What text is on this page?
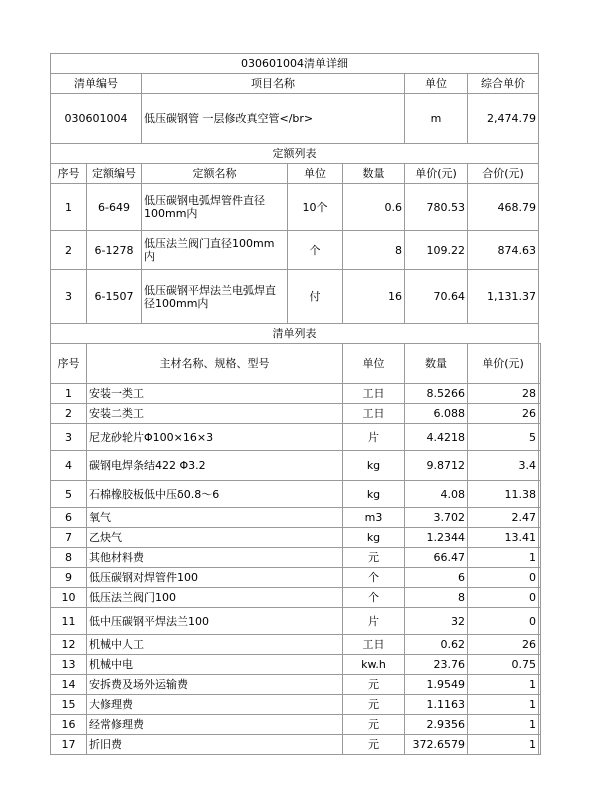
030601004清单详细							
清单编号		项目名称			单位	综合单价	
030601004		低压碳钢管 一层修改真空管</br>			m	2,474.79	
定额列表							
序号	定额编号	定额名称	单位	数量	单价(元)	合价(元)	
1	6-649	低压碳钢电弧焊管件直径100mm内	10个	0.6	780.53	468.79	
2	6-1278	低压法兰阀门直径100mm内	个	8	109.22	874.63	
3	6-1507	低压碳钢平焊法兰电弧焊直径100mm内	付	16	70.64	1,131.37	
清单列表							
序号	主材名称、规格、型号			单位	数量	单价(元)	
1	安装一类工			工日	8.5266	28	
2	安装二类工			工日	6.088	26	
3	尼龙砂轮片Φ100×16×3			片	4.4218	5	
4	碳钢电焊条结422 Φ3.2			kg	9.8712	3.4	
5	石棉橡胶板低中压δ0.8～6			kg	4.08	11.38	
6	氧气			m3	3.702	2.47	
7	乙炔气			kg	1.2344	13.41	
8	其他材料费			元	66.47	1	
9	低压碳钢对焊管件100			个	6	0	
10	低压法兰阀门100			个	8	0	
11	低中压碳钢平焊法兰100			片	32	0	
12	机械中人工			工日	0.62	26	
13	机械中电			kw.h	23.76	0.75	
14	安拆费及场外运输费			元	1.9549	1	
15	大修理费			元	1.1163	1	
16	经常修理费			元	2.9356	1	
17	折旧费			元	372.6579	1	
